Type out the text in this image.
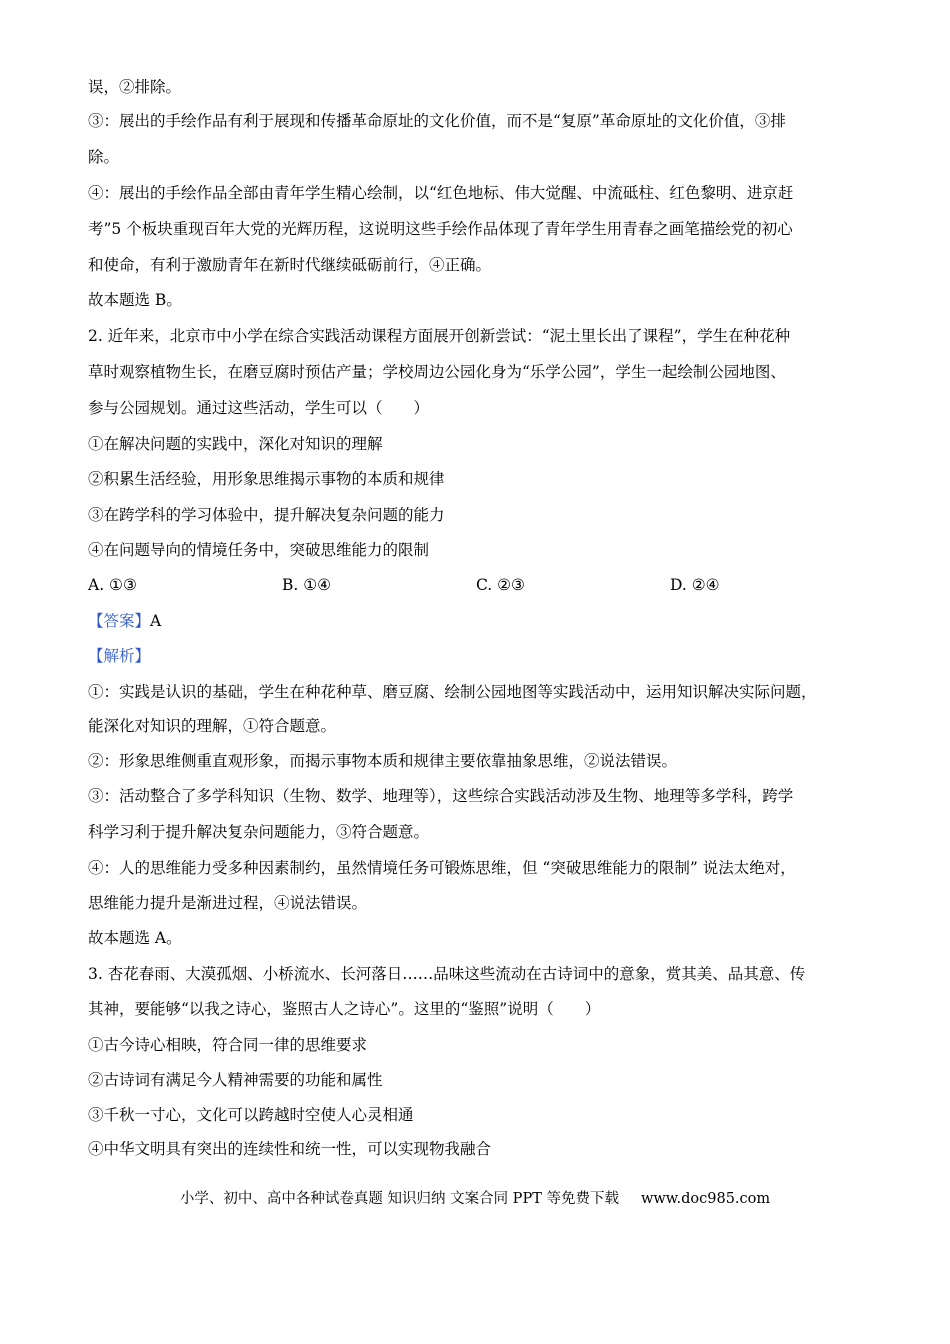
误，②排除。
③：展出的手绘作品有利于展现和传播革命原址的文化价值，而不是“复原”革命原址的文化价值，③排
除。
④：展出的手绘作品全部由青年学生精心绘制，以“红色地标、伟大觉醒、中流砥柱、红色黎明、进京赶
考”5 个板块重现百年大党的光辉历程，这说明这些手绘作品体现了青年学生用青春之画笔描绘党的初心
和使命，有利于激励青年在新时代继续砥砺前行，④正确。
故本题选 B。
2. 近年来，北京市中小学在综合实践活动课程方面展开创新尝试：“泥土里长出了课程”，学生在种花种
草时观察植物生长，在磨豆腐时预估产量；学校周边公园化身为“乐学公园”，学生一起绘制公园地图、
参与公园规划。通过这些活动，学生可以（　　）
①在解决问题的实践中，深化对知识的理解
②积累生活经验，用形象思维揭示事物的本质和规律
③在跨学科的学习体验中，提升解决复杂问题的能力
④在问题导向的情境任务中，突破思维能力的限制
A. ①③	B. ①④	C. ②③	D. ②④
【答案】A
【解析】
①：实践是认识的基础，学生在种花种草、磨豆腐、绘制公园地图等实践活动中，运用知识解决实际问题，
能深化对知识的理解，①符合题意。
②：形象思维侧重直观形象，而揭示事物本质和规律主要依靠抽象思维，②说法错误。
③：活动整合了多学科知识（生物、数学、地理等），这些综合实践活动涉及生物、地理等多学科，跨学
科学习利于提升解决复杂问题能力，③符合题意。
④：人的思维能力受多种因素制约，虽然情境任务可锻炼思维，但 “突破思维能力的限制” 说法太绝对，
思维能力提升是渐进过程，④说法错误。
故本题选 A。
3. 杏花春雨、大漠孤烟、小桥流水、长河落日……品味这些流动在古诗词中的意象，赏其美、品其意、传
其神，要能够“以我之诗心，鉴照古人之诗心”。这里的“鉴照”说明（　　）
①古今诗心相映，符合同一律的思维要求
②古诗词有满足今人精神需要的功能和属性
③千秋一寸心，文化可以跨越时空使人心灵相通
④中华文明具有突出的连续性和统一性，可以实现物我融合
小学、初中、高中各种试卷真题 知识归纳 文案合同 PPT 等免费下载 www.doc985.com
